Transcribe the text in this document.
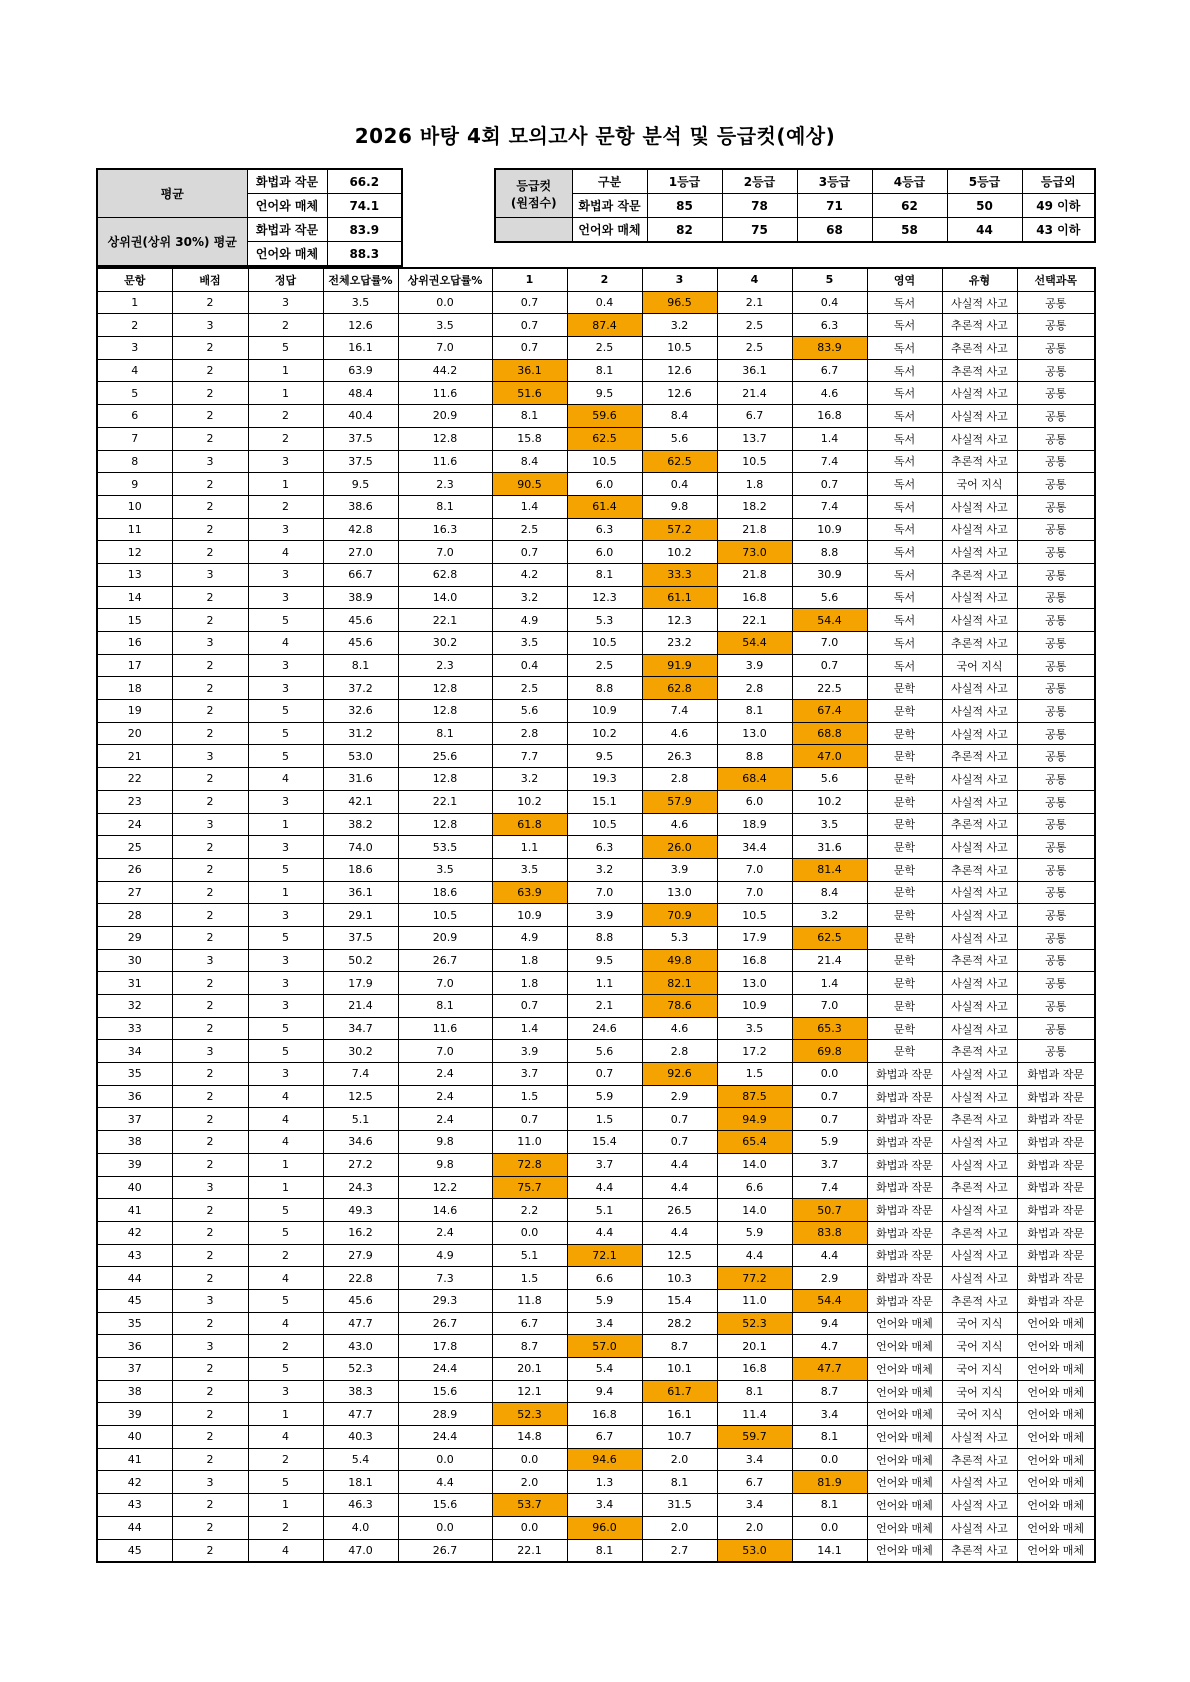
2026 바탕 4회 모의고사 문항 분석 및 등급컷(예상)
평균	화법과 작문	66.2
	언어와 매체	74.1
상위권(상위 30%) 평균	화법과 작문	83.9
	언어와 매체	88.3
등급컷
(원점수)	구분	1등급	2등급	3등급	4등급	5등급	등급외

	화법과 작문	85	78	71	62	50	49 이하
	언어와 매체	82	75	68	58	44	43 이하
문항	배점	정답	전체오답률%	상위권오답률%	1	2	3	4	5	영역	유형	선택과목
1	2	3	3.5	0.0	0.7	0.4	96.5	2.1	0.4	독서	사실적 사고	공통
2	3	2	12.6	3.5	0.7	87.4	3.2	2.5	6.3	독서	추론적 사고	공통
3	2	5	16.1	7.0	0.7	2.5	10.5	2.5	83.9	독서	추론적 사고	공통
4	2	1	63.9	44.2	36.1	8.1	12.6	36.1	6.7	독서	추론적 사고	공통
5	2	1	48.4	11.6	51.6	9.5	12.6	21.4	4.6	독서	사실적 사고	공통
6	2	2	40.4	20.9	8.1	59.6	8.4	6.7	16.8	독서	사실적 사고	공통
7	2	2	37.5	12.8	15.8	62.5	5.6	13.7	1.4	독서	사실적 사고	공통
8	3	3	37.5	11.6	8.4	10.5	62.5	10.5	7.4	독서	추론적 사고	공통
9	2	1	9.5	2.3	90.5	6.0	0.4	1.8	0.7	독서	국어 지식	공통
10	2	2	38.6	8.1	1.4	61.4	9.8	18.2	7.4	독서	사실적 사고	공통
11	2	3	42.8	16.3	2.5	6.3	57.2	21.8	10.9	독서	사실적 사고	공통
12	2	4	27.0	7.0	0.7	6.0	10.2	73.0	8.8	독서	사실적 사고	공통
13	3	3	66.7	62.8	4.2	8.1	33.3	21.8	30.9	독서	추론적 사고	공통
14	2	3	38.9	14.0	3.2	12.3	61.1	16.8	5.6	독서	사실적 사고	공통
15	2	5	45.6	22.1	4.9	5.3	12.3	22.1	54.4	독서	사실적 사고	공통
16	3	4	45.6	30.2	3.5	10.5	23.2	54.4	7.0	독서	추론적 사고	공통
17	2	3	8.1	2.3	0.4	2.5	91.9	3.9	0.7	독서	국어 지식	공통
18	2	3	37.2	12.8	2.5	8.8	62.8	2.8	22.5	문학	사실적 사고	공통
19	2	5	32.6	12.8	5.6	10.9	7.4	8.1	67.4	문학	사실적 사고	공통
20	2	5	31.2	8.1	2.8	10.2	4.6	13.0	68.8	문학	사실적 사고	공통
21	3	5	53.0	25.6	7.7	9.5	26.3	8.8	47.0	문학	추론적 사고	공통
22	2	4	31.6	12.8	3.2	19.3	2.8	68.4	5.6	문학	사실적 사고	공통
23	2	3	42.1	22.1	10.2	15.1	57.9	6.0	10.2	문학	사실적 사고	공통
24	3	1	38.2	12.8	61.8	10.5	4.6	18.9	3.5	문학	추론적 사고	공통
25	2	3	74.0	53.5	1.1	6.3	26.0	34.4	31.6	문학	사실적 사고	공통
26	2	5	18.6	3.5	3.5	3.2	3.9	7.0	81.4	문학	추론적 사고	공통
27	2	1	36.1	18.6	63.9	7.0	13.0	7.0	8.4	문학	사실적 사고	공통
28	2	3	29.1	10.5	10.9	3.9	70.9	10.5	3.2	문학	사실적 사고	공통
29	2	5	37.5	20.9	4.9	8.8	5.3	17.9	62.5	문학	사실적 사고	공통
30	3	3	50.2	26.7	1.8	9.5	49.8	16.8	21.4	문학	추론적 사고	공통
31	2	3	17.9	7.0	1.8	1.1	82.1	13.0	1.4	문학	사실적 사고	공통
32	2	3	21.4	8.1	0.7	2.1	78.6	10.9	7.0	문학	사실적 사고	공통
33	2	5	34.7	11.6	1.4	24.6	4.6	3.5	65.3	문학	사실적 사고	공통
34	3	5	30.2	7.0	3.9	5.6	2.8	17.2	69.8	문학	추론적 사고	공통
35	2	3	7.4	2.4	3.7	0.7	92.6	1.5	0.0	화법과 작문	사실적 사고	화법과 작문
36	2	4	12.5	2.4	1.5	5.9	2.9	87.5	0.7	화법과 작문	사실적 사고	화법과 작문
37	2	4	5.1	2.4	0.7	1.5	0.7	94.9	0.7	화법과 작문	추론적 사고	화법과 작문
38	2	4	34.6	9.8	11.0	15.4	0.7	65.4	5.9	화법과 작문	사실적 사고	화법과 작문
39	2	1	27.2	9.8	72.8	3.7	4.4	14.0	3.7	화법과 작문	사실적 사고	화법과 작문
40	3	1	24.3	12.2	75.7	4.4	4.4	6.6	7.4	화법과 작문	추론적 사고	화법과 작문
41	2	5	49.3	14.6	2.2	5.1	26.5	14.0	50.7	화법과 작문	사실적 사고	화법과 작문
42	2	5	16.2	2.4	0.0	4.4	4.4	5.9	83.8	화법과 작문	추론적 사고	화법과 작문
43	2	2	27.9	4.9	5.1	72.1	12.5	4.4	4.4	화법과 작문	사실적 사고	화법과 작문
44	2	4	22.8	7.3	1.5	6.6	10.3	77.2	2.9	화법과 작문	사실적 사고	화법과 작문
45	3	5	45.6	29.3	11.8	5.9	15.4	11.0	54.4	화법과 작문	추론적 사고	화법과 작문
35	2	4	47.7	26.7	6.7	3.4	28.2	52.3	9.4	언어와 매체	국어 지식	언어와 매체
36	3	2	43.0	17.8	8.7	57.0	8.7	20.1	4.7	언어와 매체	국어 지식	언어와 매체
37	2	5	52.3	24.4	20.1	5.4	10.1	16.8	47.7	언어와 매체	국어 지식	언어와 매체
38	2	3	38.3	15.6	12.1	9.4	61.7	8.1	8.7	언어와 매체	국어 지식	언어와 매체
39	2	1	47.7	28.9	52.3	16.8	16.1	11.4	3.4	언어와 매체	국어 지식	언어와 매체
40	2	4	40.3	24.4	14.8	6.7	10.7	59.7	8.1	언어와 매체	사실적 사고	언어와 매체
41	2	2	5.4	0.0	0.0	94.6	2.0	3.4	0.0	언어와 매체	추론적 사고	언어와 매체
42	3	5	18.1	4.4	2.0	1.3	8.1	6.7	81.9	언어와 매체	사실적 사고	언어와 매체
43	2	1	46.3	15.6	53.7	3.4	31.5	3.4	8.1	언어와 매체	사실적 사고	언어와 매체
44	2	2	4.0	0.0	0.0	96.0	2.0	2.0	0.0	언어와 매체	사실적 사고	언어와 매체
45	2	4	47.0	26.7	22.1	8.1	2.7	53.0	14.1	언어와 매체	추론적 사고	언어와 매체
